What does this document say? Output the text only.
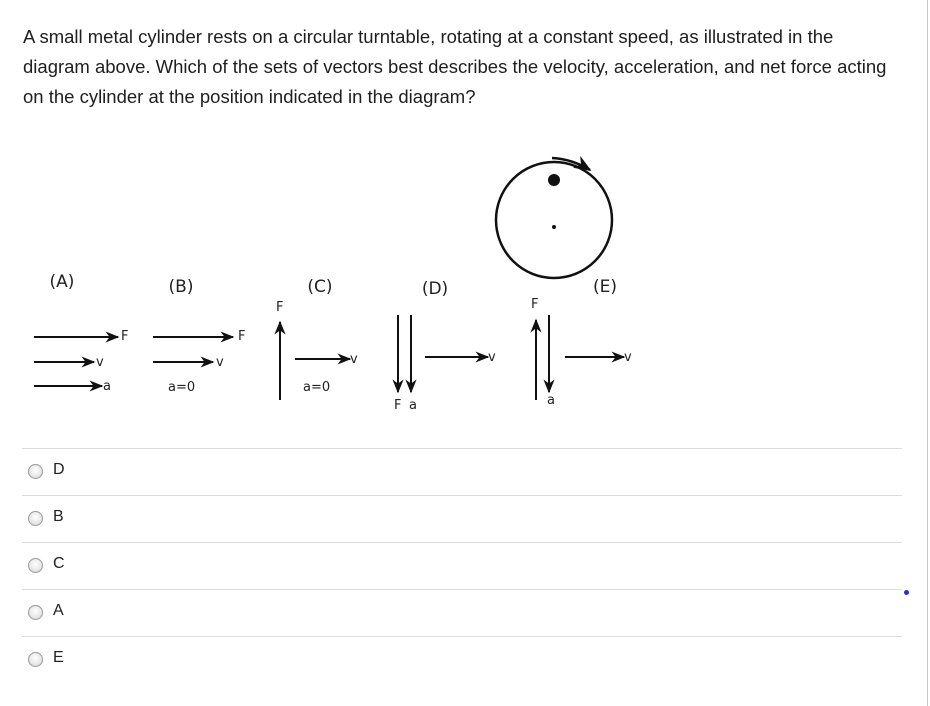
A small metal cylinder rests on a circular turntable, rotating at a constant speed, as illustrated in the diagram above. Which of the sets of vectors best describes the velocity, acceleration, and net force acting on the cylinder at the position indicated in the diagram?
(A)	(B)	(C)	(D)	(E)
F
v
a
F
v
a=0
F
v
a=0
v
F a
F
v
a
D
B
C
A
E
